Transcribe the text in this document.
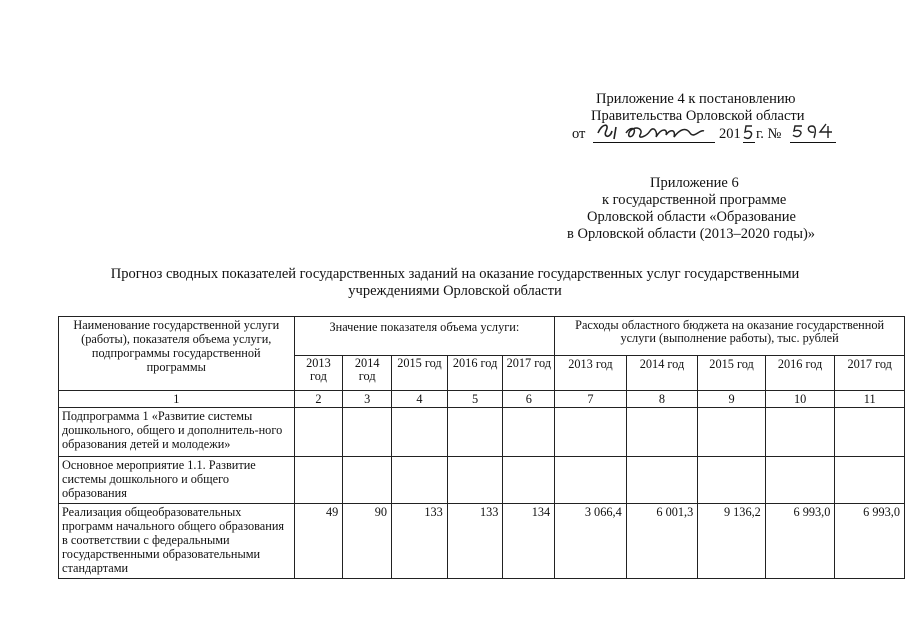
Приложение 4 к постановлению
Правительства Орловской области
от	201 г. №
Приложение 6
к государственной программе
Орловской области «Образование
в Орловской области (2013–2020 годы)»
Прогноз сводных показателей государственных заданий на оказание государственных услуг государственными
учреждениями Орловской области
Наименование государственной услуги (работы), показателя объема услуги, подпрограммы государственной программы	Значение показателя объема услуги:					Расходы областного бюджета на оказание государственной услуги (выполнение работы), тыс. рублей				
	2013 год	2014 год	2015 год	2016 год	2017 год	2013 год	2014 год	2015 год	2016 год	2017 год
1	2	3	4	5	6	7	8	9	10	11
Подпрограмма 1 «Развитие системы дошкольного, общего и дополнитель-ного образования детей и молодежи»										
Основное мероприятие 1.1. Развитие системы дошкольного и общего образования										
Реализация общеобразовательных программ начального общего образования в соответствии с федеральными государственными образовательными стандартами	49	90	133	133	134	3 066,4	6 001,3	9 136,2	6 993,0	6 993,0
